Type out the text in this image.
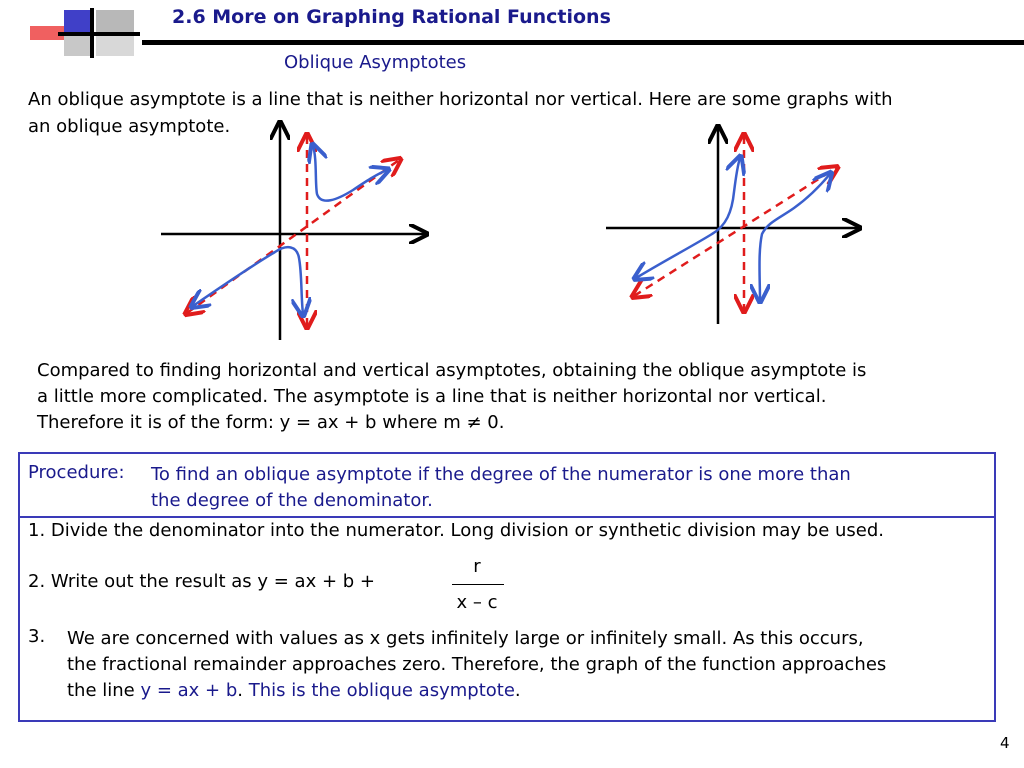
2.6 More on Graphing Rational Functions
Oblique Asymptotes
An oblique asymptote is a line that is neither horizontal nor vertical. Here are some graphs with
an oblique asymptote.
Compared to finding horizontal and vertical asymptotes, obtaining the oblique asymptote is
a little more complicated. The asymptote is a line that is neither horizontal nor vertical.
Therefore it is of the form: y = ax + b where m ≠ 0.
Procedure: To find an oblique asymptote if the degree of the numerator is one more than
the degree of the denominator.
1. Divide the denominator into the numerator. Long division or synthetic division may be used.
2. Write out the result as y = ax + b +
r
x – c
3. We are concerned with values as x gets infinitely large or infinitely small. As this occurs,
the fractional remainder approaches zero. Therefore, the graph of the function approaches
the line y = ax + b. This is the oblique asymptote.
4
